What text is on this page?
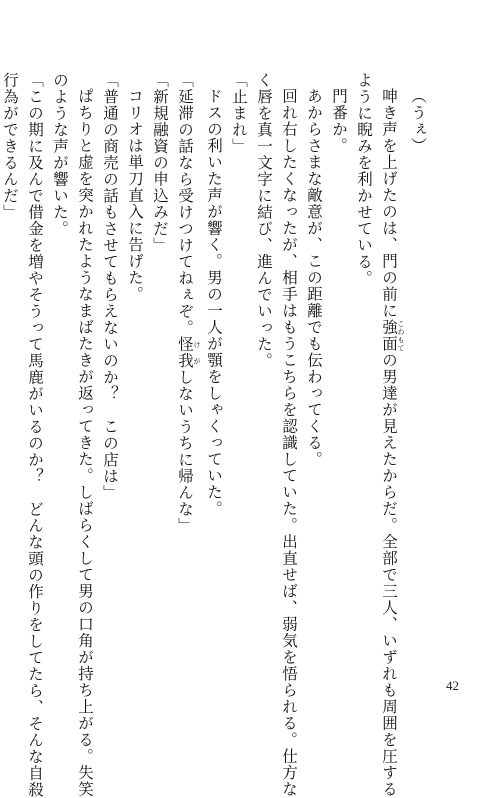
（うぇ）
呻き声を上げたのは、門の前に強面 こわもての男達が見えたからだ。全部で三人、いずれも周囲を圧する
ように睨みを利かせている。
門番か。
あからさまな敵意が、この距離でも伝わってくる。
回れ右したくなったが、相手はもうこちらを認識していた。出直せば、弱気を悟られる。仕方な
く唇を真一文字に結び、進んでいった。
「止まれ」
ドスの利いた声が響く。男の一人が顎をしゃくっていた。
「延滞の話なら受けつけてねぇぞ。怪我 けがしないうちに帰んな」
「新規融資の申込みだ」
コリオは単刀直入に告げた。
「普通の商売の話もさせてもらえないのか？　この店は」
ぱちりと虚を突かれたようなまばたきが返ってきた。しばらくして男の口角が持ち上がる。失笑
のような声が響いた。
「この期に及んで借金を増やそうって馬鹿がいるのか？　どんな頭の作りをしてたら、そんな自殺
行為ができるんだ」
42
